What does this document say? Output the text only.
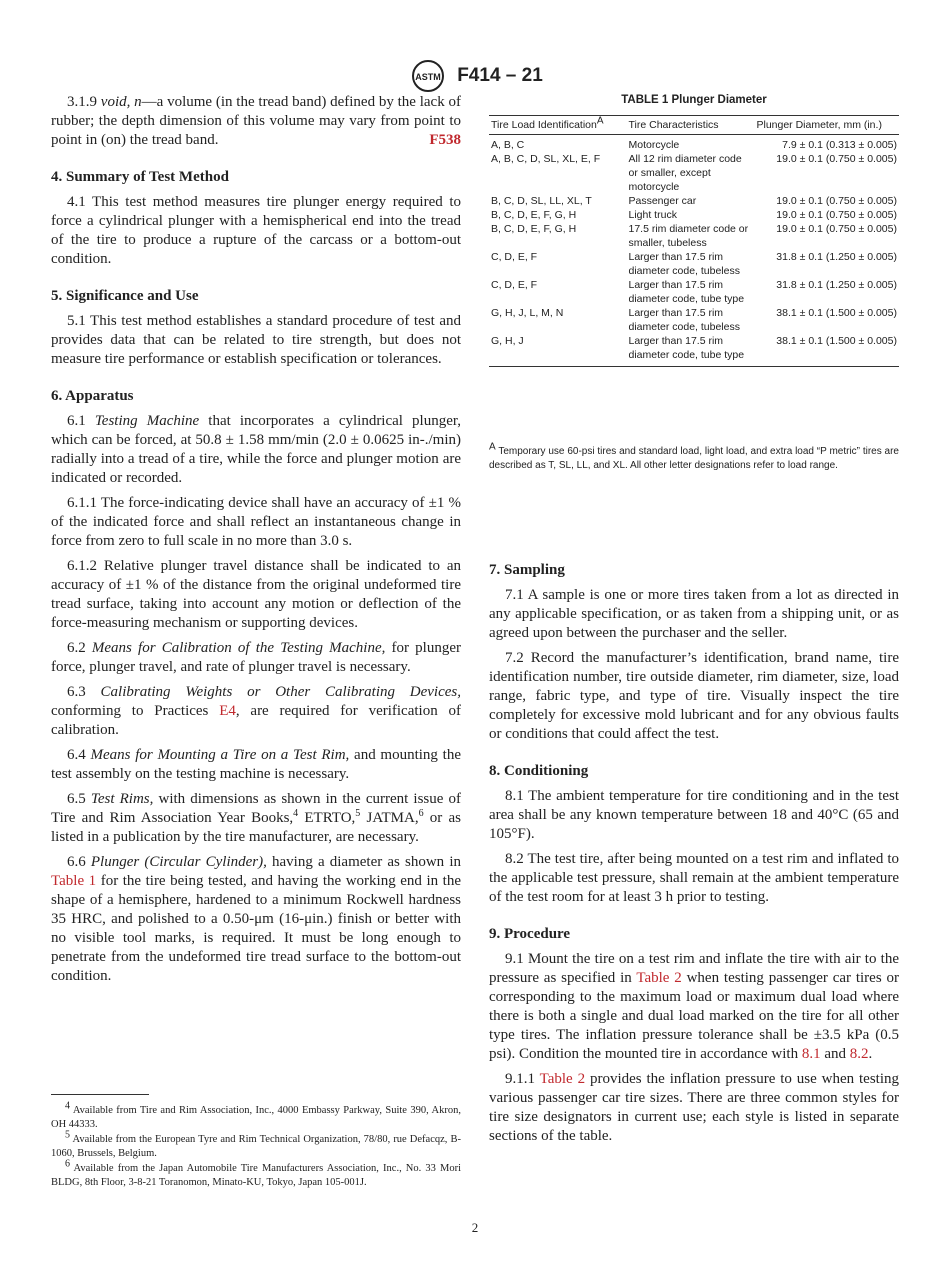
ASTM F414 – 21

3.1.9 void, n—a volume (in the tread band) defined by the lack of rubber; the depth dimension of this volume may vary from point to point in (on) the tread band.	F538

4. Summary of Test Method

4.1 This test method measures tire plunger energy required to force a cylindrical plunger with a hemispherical end into the tread of the tire to produce a rupture of the carcass or a bottom-out condition.

5. Significance and Use

5.1 This test method establishes a standard procedure of test and provides data that can be related to tire strength, but does not measure tire performance or establish specification or tolerances.

6. Apparatus

6.1 Testing Machine that incorporates a cylindrical plunger, which can be forced, at 50.8 ± 1.58 mm/min (2.0 ± 0.0625 in-./min) radially into a tread of a tire, while the force and plunger motion are indicated or recorded.

6.1.1 The force-indicating device shall have an accuracy of ±1 % of the indicated force and shall reflect an instantaneous change in force from zero to full scale in no more than 3.0 s.

6.1.2 Relative plunger travel distance shall be indicated to an accuracy of ±1 % of the distance from the original undeformed tire tread surface, taking into account any motion or deflection of the force-measuring mechanism or supporting devices.

6.2 Means for Calibration of the Testing Machine, for plunger force, plunger travel, and rate of plunger travel is necessary.

6.3 Calibrating Weights or Other Calibrating Devices, conforming to Practices E4, are required for verification of calibration.

6.4 Means for Mounting a Tire on a Test Rim, and mounting the test assembly on the testing machine is necessary.

6.5 Test Rims, with dimensions as shown in the current issue of Tire and Rim Association Year Books,$^4$ ETRTO,$^5$ JATMA,$^6$ or as listed in a publication by the tire manufacturer, are necessary.

6.6 Plunger (Circular Cylinder), having a diameter as shown in Table 1 for the tire being tested, and having the working end in the shape of a hemisphere, hardened to a minimum Rockwell hardness 35 HRC, and polished to a 0.50-μm (16-μin.) finish or better with no visible tool marks, is required. It must be long enough to penetrate from the undeformed tire tread surface to the bottom-out condition.

TABLE 1 Plunger Diameter
Tire Load Identification$^A$	Tire Characteristics	Plunger Diameter, mm (in.)
A, B, C	Motorcycle	7.9 ± 0.1 (0.313 ± 0.005)
A, B, C, D, SL, XL, E, F	All 12 rim diameter code or smaller, except motorcycle	19.0 ± 0.1 (0.750 ± 0.005)
B, C, D, SL, LL, XL, T	Passenger car	19.0 ± 0.1 (0.750 ± 0.005)
B, C, D, E, F, G, H	Light truck	19.0 ± 0.1 (0.750 ± 0.005)
B, C, D, E, F, G, H	17.5 rim diameter code or smaller, tubeless	19.0 ± 0.1 (0.750 ± 0.005)
C, D, E, F	Larger than 17.5 rim diameter code, tubeless	31.8 ± 0.1 (1.250 ± 0.005)
C, D, E, F	Larger than 17.5 rim diameter code, tube type	31.8 ± 0.1 (1.250 ± 0.005)
G, H, J, L, M, N	Larger than 17.5 rim diameter code, tubeless	38.1 ± 0.1 (1.500 ± 0.005)
G, H, J	Larger than 17.5 rim diameter code, tube type	38.1 ± 0.1 (1.500 ± 0.005)
$^A$ Temporary use 60-psi tires and standard load, light load, and extra load “P metric” tires are described as T, SL, LL, and XL. All other letter designations refer to load range.
7. Sampling

7.1 A sample is one or more tires taken from a lot as directed in any applicable specification, or as taken from a shipping unit, or as agreed upon between the purchaser and the seller.

7.2 Record the manufacturer’s identification, brand name, tire identification number, tire outside diameter, rim diameter, size, load range, fabric type, and type of tire. Visually inspect the tire completely for excessive mold lubricant and for any obvious faults or conditions that could affect the test.

8. Conditioning

8.1 The ambient temperature for tire conditioning and in the test area shall be any known temperature between 18 and 40°C (65 and 105°F).

8.2 The test tire, after being mounted on a test rim and inflated to the applicable test pressure, shall remain at the ambient temperature of the test room for at least 3 h prior to testing.

9. Procedure

9.1 Mount the tire on a test rim and inflate the tire with air to the pressure as specified in Table 2 when testing passenger car tires or corresponding to the maximum load or maximum dual load where there is both a single and dual load marked on the tire for all other type tires. The inflation pressure tolerance shall be ±3.5 kPa (0.5 psi). Condition the mounted tire in accordance with 8.1 and 8.2.

9.1.1 Table 2 provides the inflation pressure to use when testing various passenger car tire sizes. There are three common styles for tire size designators in current use; each style is listed in separate sections of the table.

$^4$ Available from Tire and Rim Association, Inc., 4000 Embassy Parkway, Suite 390, Akron, OH 44333.
$^5$ Available from the European Tyre and Rim Technical Organization, 78/80, rue Defacqz, B-1060, Brussels, Belgium.
$^6$ Available from the Japan Automobile Tire Manufacturers Association, Inc., No. 33 Mori BLDG, 8th Floor, 3-8-21 Toranomon, Minato-KU, Tokyo, Japan 105-001J.
2
